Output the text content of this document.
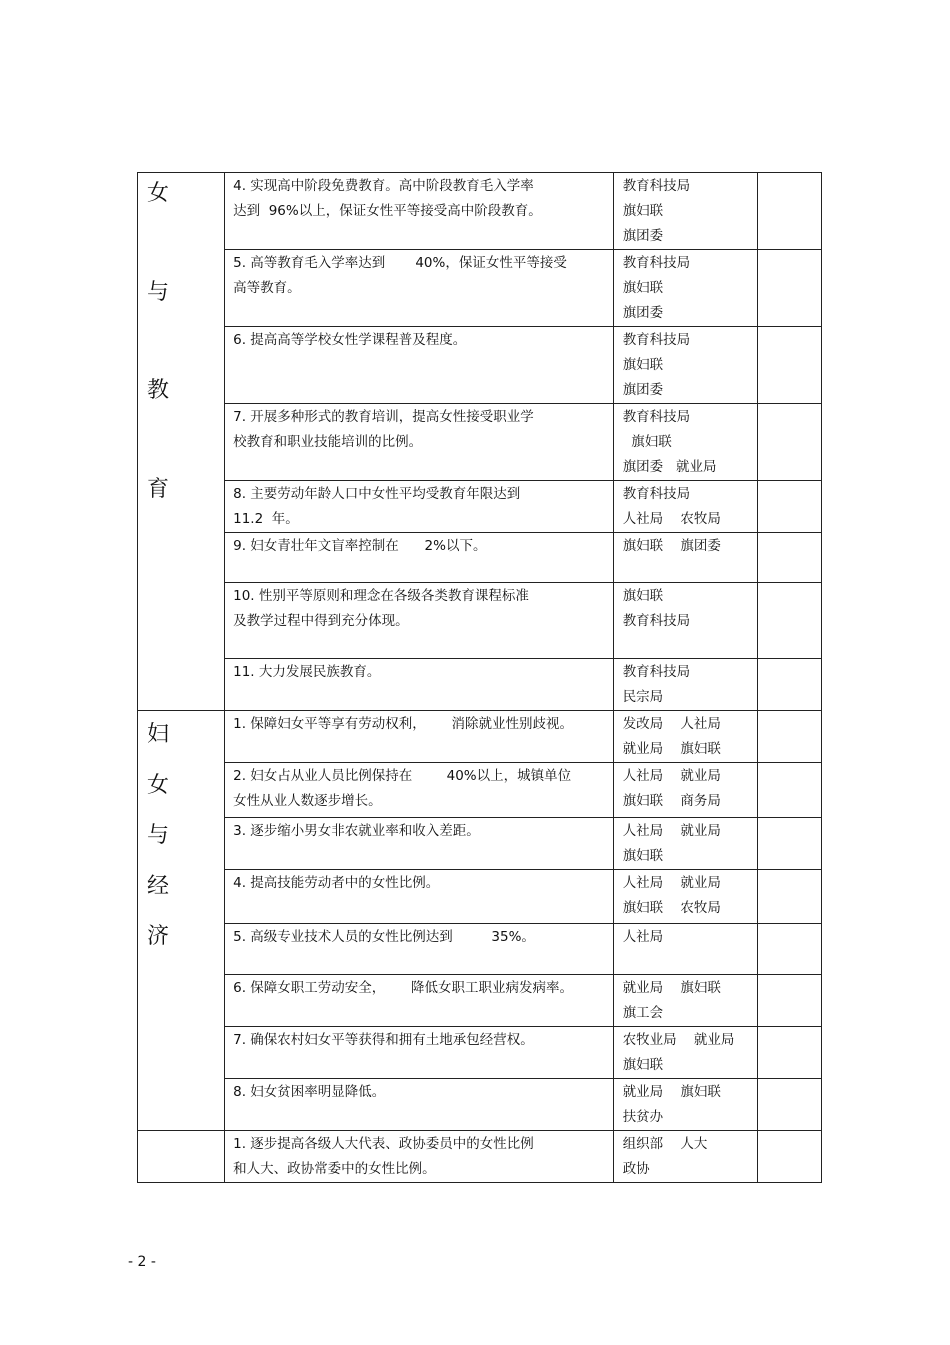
女
与
教
育	4. 实现高中阶段免费教育。高中阶段教育毛入学率
达到  96%以上，保证女性平等接受高中阶段教育。	教育科技局
旗妇联
旗团委	

	5. 高等教育毛入学率达到       40%，保证女性平等接受
高等教育。	教育科技局
旗妇联
旗团委	

	6. 提高高等学校女性学课程普及程度。	教育科技局
旗妇联
旗团委	

	7. 开展多种形式的教育培训，提高女性接受职业学
校教育和职业技能培训的比例。	教育科技局
旗妇联
旗团委   就业局	

	8. 主要劳动年龄人口中女性平均受教育年限达到
11.2  年。	教育科技局
人社局    农牧局	

	9. 妇女青壮年文盲率控制在      2%以下。	旗妇联    旗团委	

	10. 性别平等原则和理念在各级各类教育课程标准
及教学过程中得到充分体现。	旗妇联
教育科技局	

	11. 大力发展民族教育。	教育科技局
民宗局	

妇
女
与
经
济	1. 保障妇女平等享有劳动权利，      消除就业性别歧视。	发改局    人社局
就业局    旗妇联	

	2. 妇女占从业人员比例保持在        40%以上，城镇单位
女性从业人数逐步增长。	人社局    就业局
旗妇联    商务局	

	3. 逐步缩小男女非农就业率和收入差距。	人社局    就业局
旗妇联	

	4. 提高技能劳动者中的女性比例。	人社局    就业局
旗妇联    农牧局	

	5. 高级专业技术人员的女性比例达到         35%。	人社局	

	6. 保障女职工劳动安全，      降低女职工职业病发病率。	就业局    旗妇联
旗工会	

	7. 确保农村妇女平等获得和拥有土地承包经营权。	农牧业局    就业局
旗妇联	

	8. 妇女贫困率明显降低。	就业局    旗妇联
扶贫办	

	1. 逐步提高各级人大代表、政协委员中的女性比例
和人大、政协常委中的女性比例。	组织部    人大
政协	

- 2 -
